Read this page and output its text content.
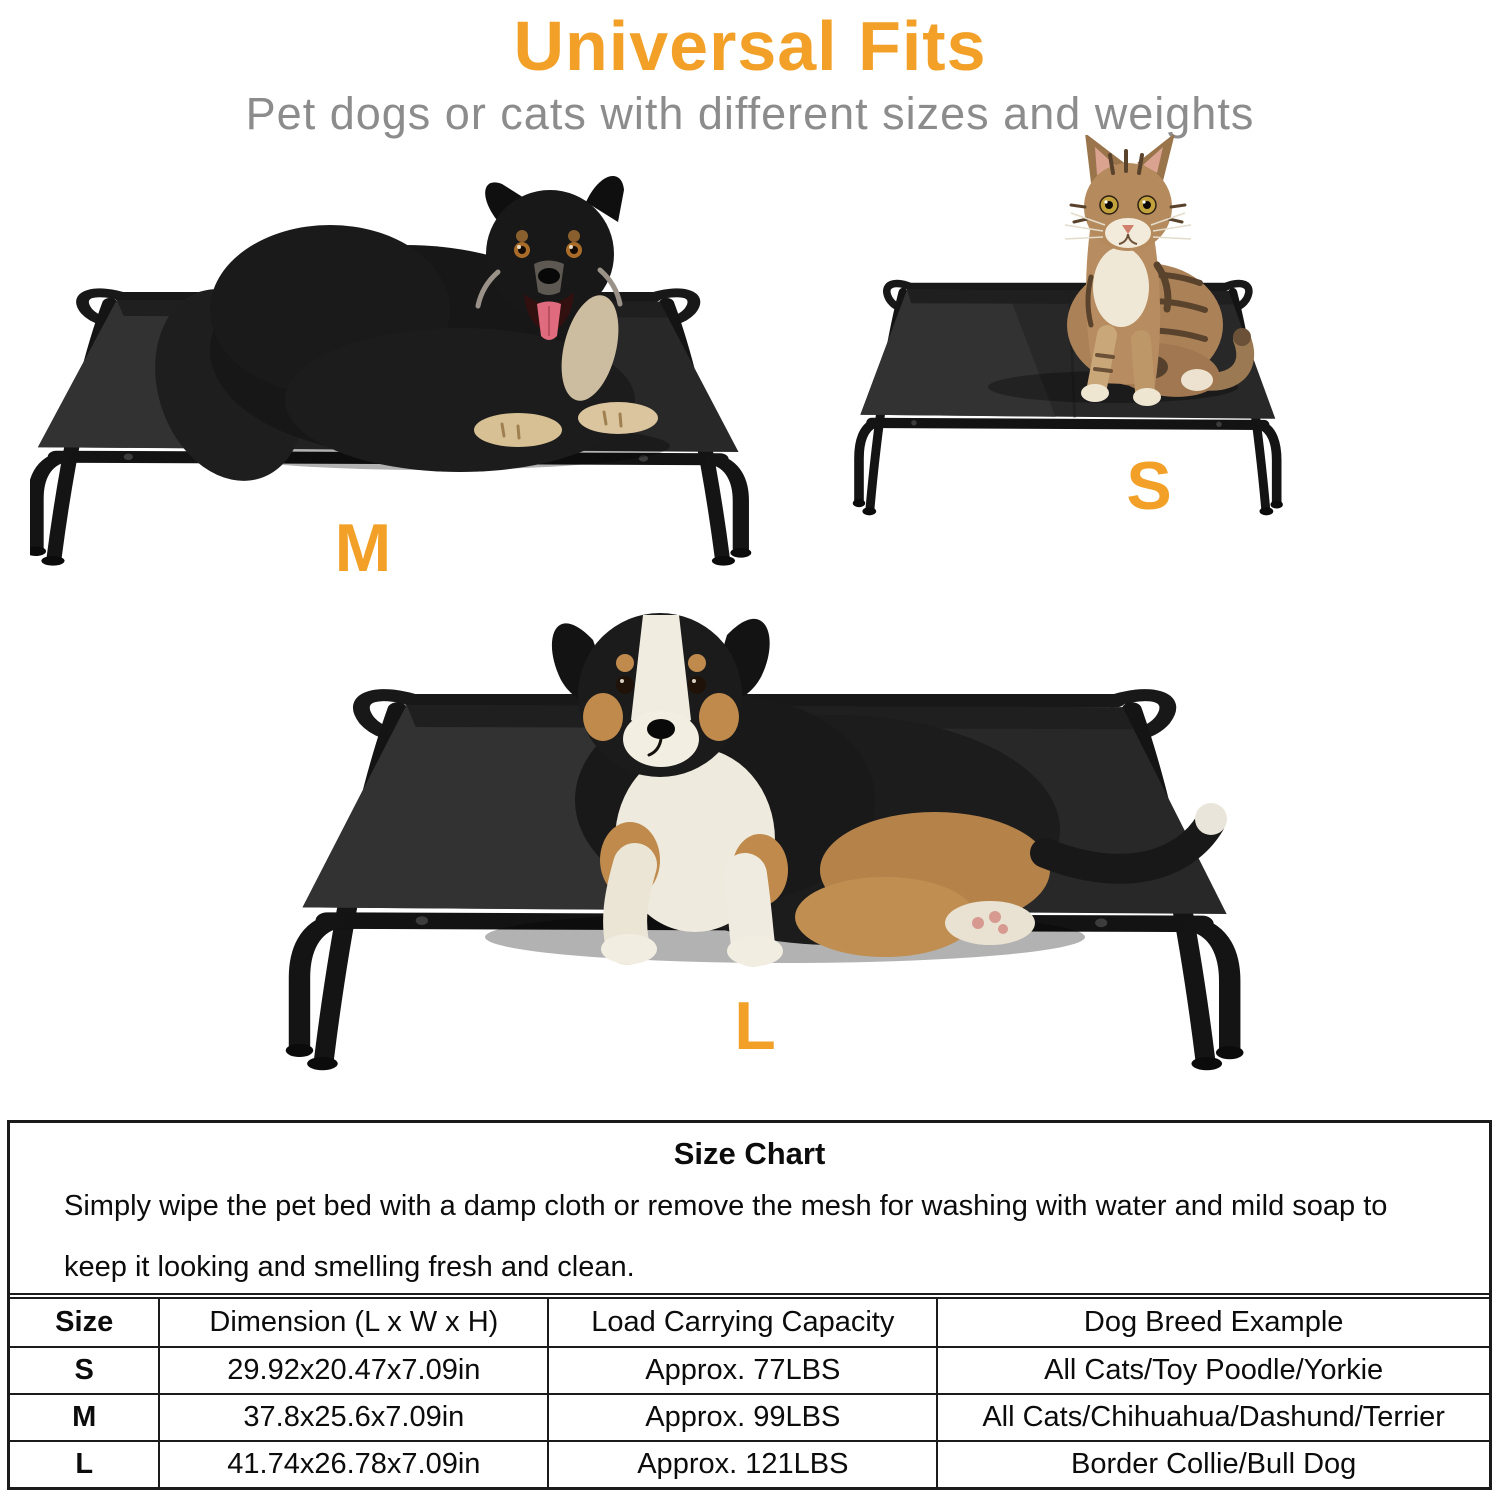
Universal Fits
Pet dogs or cats with different sizes and weights
M
S
L
Size Chart

Simply wipe the pet bed with a damp cloth or remove the mesh for washing with water and mild soap to keep it looking and smelling fresh and clean.

Size	Dimension (L x W x H)	Load Carrying Capacity	Dog Breed Example
S	29.92x20.47x7.09in	Approx. 77LBS	All Cats/Toy Poodle/Yorkie
M	37.8x25.6x7.09in	Approx. 99LBS	All Cats/Chihuahua/Dashund/Terrier
L	41.74x26.78x7.09in	Approx. 121LBS	Border Collie/Bull Dog
